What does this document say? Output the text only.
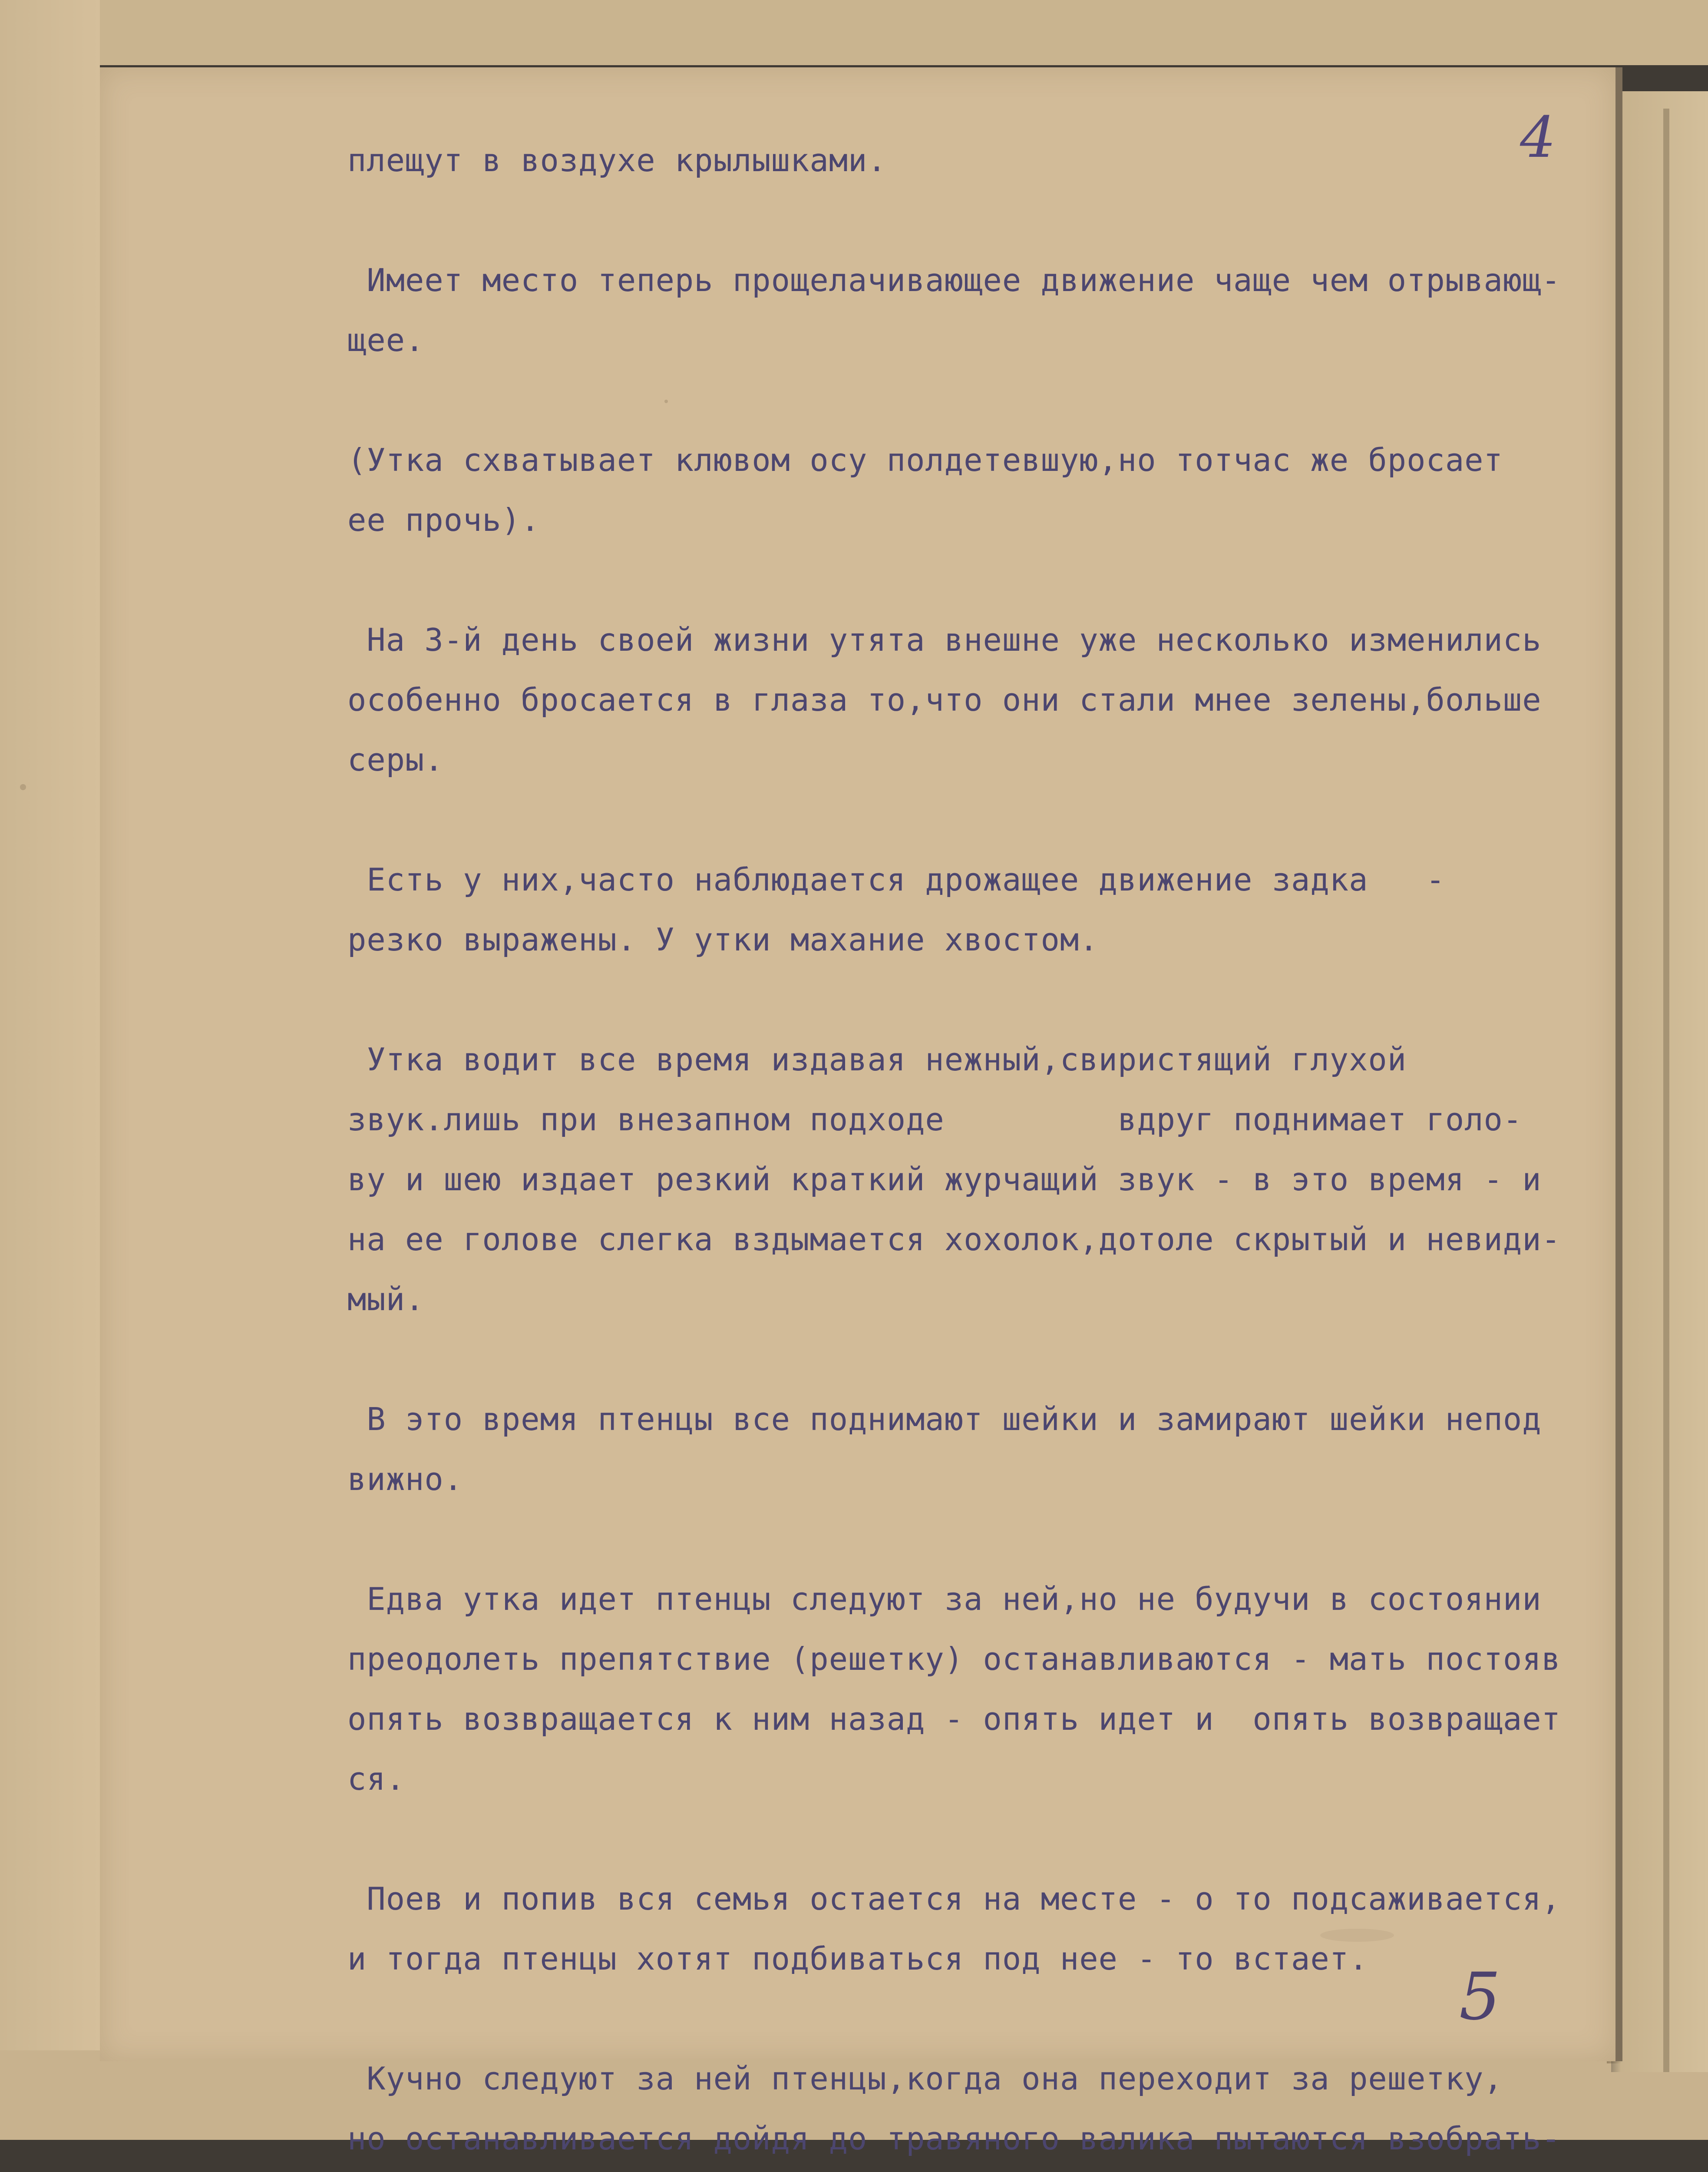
4
плещут в воздухе крылышками.

Имеет место теперь прощелачивающее движение чаще чем отрывающ-
щее.

(Утка схватывает клювом осу полдетевшую,но тотчас же бросает
ее прочь).

На 3-й день своей жизни утята внешне уже несколько изменились
особенно бросается в глаза то,что они стали мнее зелены,больше
серы.

Есть у них,часто наблюдается дрожащее движение задка   -
резко выражены. У утки махание хвостом.

Утка водит все время издавая нежный,свиристящий глухой
звук.лишь при внезапном подходе         вдруг поднимает голо-
ву и шею издает резкий краткий журчащий звук - в это время - и
на ее голове слегка вздымается хохолок,дотоле скрытый и невиди-
мый.

В это время птенцы все поднимают шейки и замирают шейки непод
вижно.

Едва утка идет птенцы следуют за ней,но не будучи в состоянии
преодолеть препятствие (решетку) останавливаются - мать постояв
опять возвращается к ним назад - опять идет и  опять возвращает
ся.

Поев и попив вся семья остается на месте - о то подсаживается,
и тогда птенцы хотят подбиваться под нее - то встает.

Кучно следуют за ней птенцы,когда она переходит за решетку,
но останавливается дойдя до травяного валика пытаются взобрать-

5
